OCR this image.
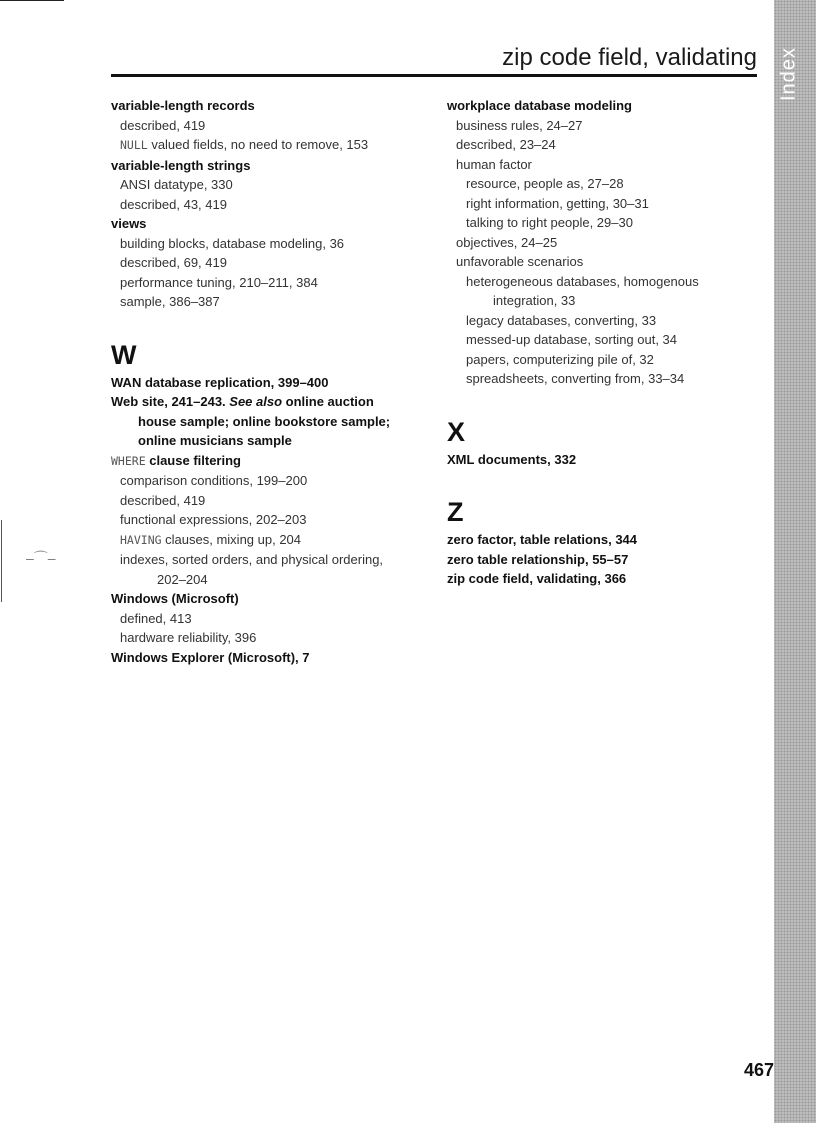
–⌒–
Index
zip code field, validating
variable-length records
described, 419
NULL valued fields, no need to remove, 153
variable-length strings
ANSI datatype, 330
described, 43, 419
views
building blocks, database modeling, 36
described, 69, 419
performance tuning, 210–211, 384
sample, 386–387
W
WAN database replication, 399–400
Web site, 241–243. See also online auction
house sample; online bookstore sample;
online musicians sample
WHERE clause filtering
comparison conditions, 199–200
described, 419
functional expressions, 202–203
HAVING clauses, mixing up, 204
indexes, sorted orders, and physical ordering,
202–204
Windows (Microsoft)
defined, 413
hardware reliability, 396
Windows Explorer (Microsoft), 7
workplace database modeling
business rules, 24–27
described, 23–24
human factor
resource, people as, 27–28
right information, getting, 30–31
talking to right people, 29–30
objectives, 24–25
unfavorable scenarios
heterogeneous databases, homogenous
integration, 33
legacy databases, converting, 33
messed-up database, sorting out, 34
papers, computerizing pile of, 32
spreadsheets, converting from, 33–34
X
XML documents, 332
Z
zero factor, table relations, 344
zero table relationship, 55–57
zip code field, validating, 366
467
